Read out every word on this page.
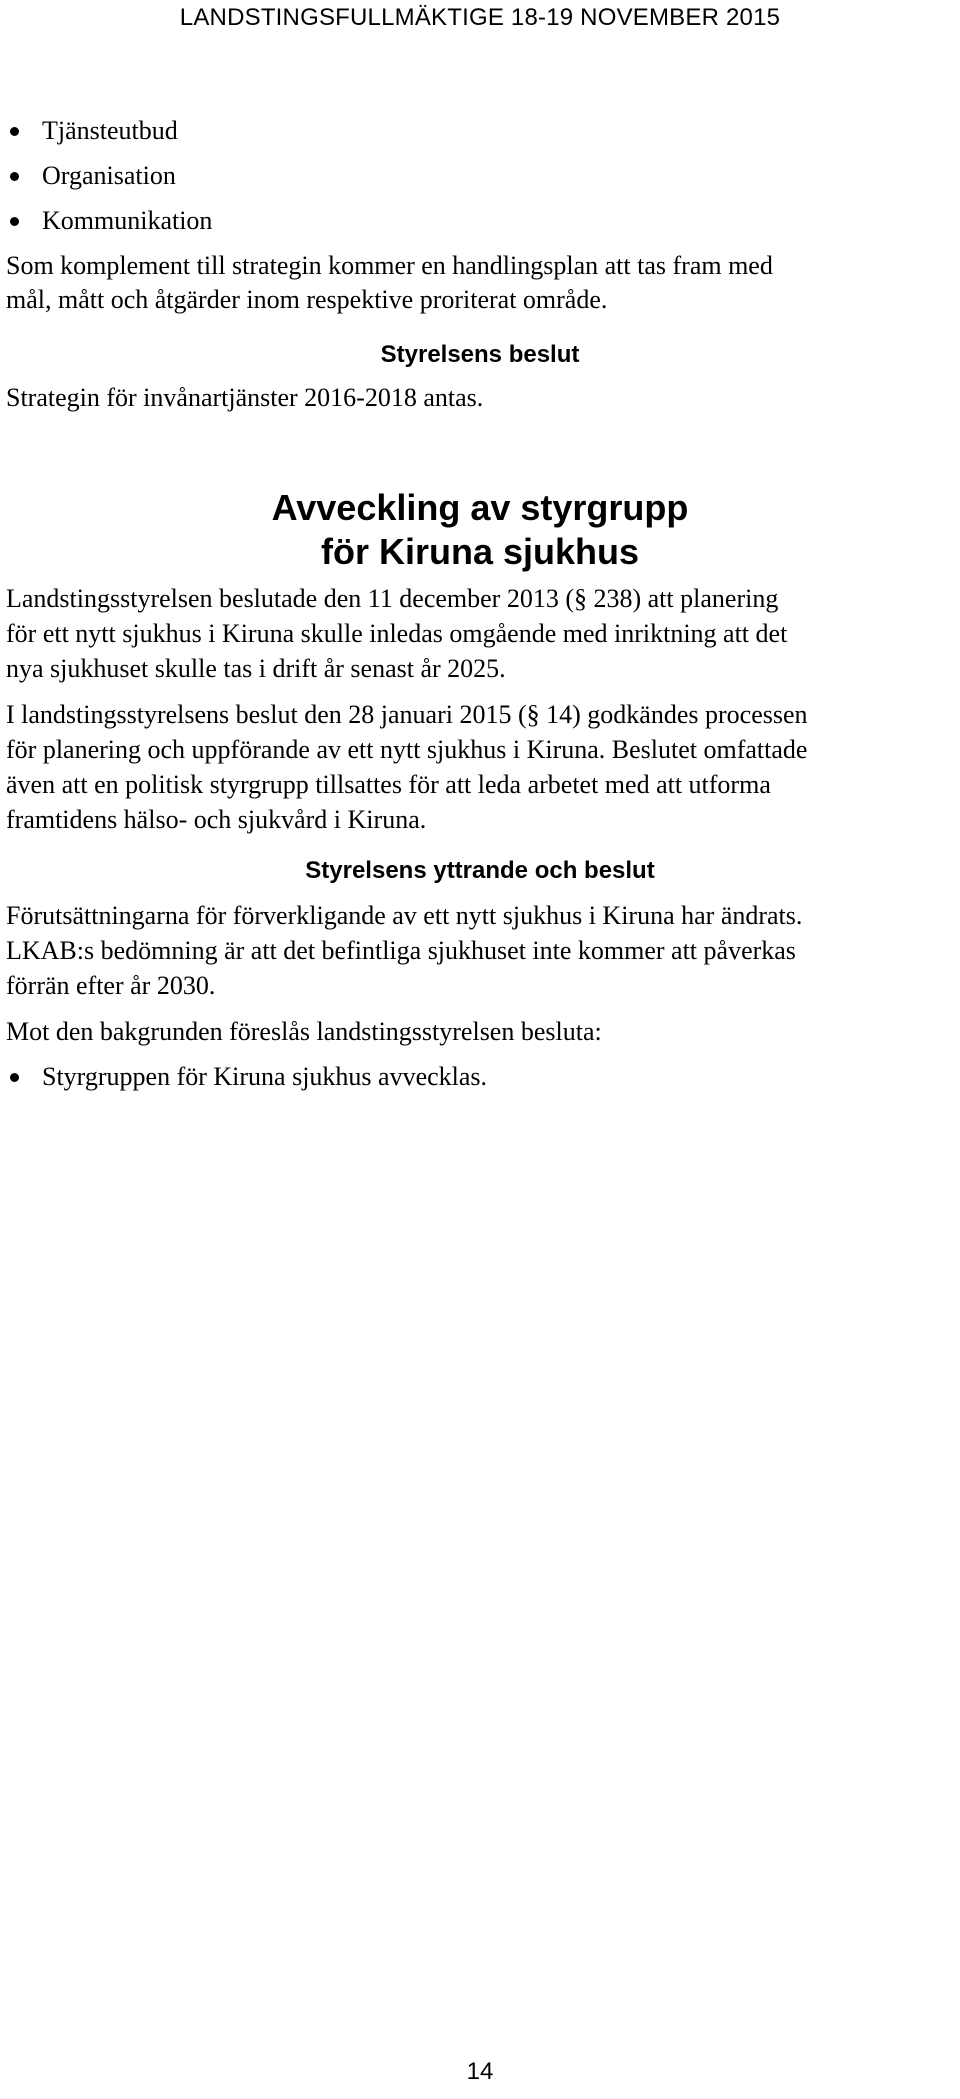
LANDSTINGSFULLMÄKTIGE 18-19 NOVEMBER 2015
Tjänsteutbud
Organisation
Kommunikation
Som komplement till strategin kommer en handlingsplan att tas fram med
mål, mått och åtgärder inom respektive proriterat område.
Styrelsens beslut
Strategin för invånartjänster 2016-2018 antas.
Avveckling av styrgrupp
för Kiruna sjukhus
Landstingsstyrelsen beslutade den 11 december 2013 (§ 238) att planering
för ett nytt sjukhus i Kiruna skulle inledas omgående med inriktning att det
nya sjukhuset skulle tas i drift år senast år 2025.
I landstingsstyrelsens beslut den 28 januari 2015 (§ 14) godkändes processen
för planering och uppförande av ett nytt sjukhus i Kiruna. Beslutet omfattade
även att en politisk styrgrupp tillsattes för att leda arbetet med att utforma
framtidens hälso- och sjukvård i Kiruna.
Styrelsens yttrande och beslut
Förutsättningarna för förverkligande av ett nytt sjukhus i Kiruna har ändrats.
LKAB:s bedömning är att det befintliga sjukhuset inte kommer att påverkas
förrän efter år 2030.
Mot den bakgrunden föreslås landstingsstyrelsen besluta:
Styrgruppen för Kiruna sjukhus avvecklas.
14
